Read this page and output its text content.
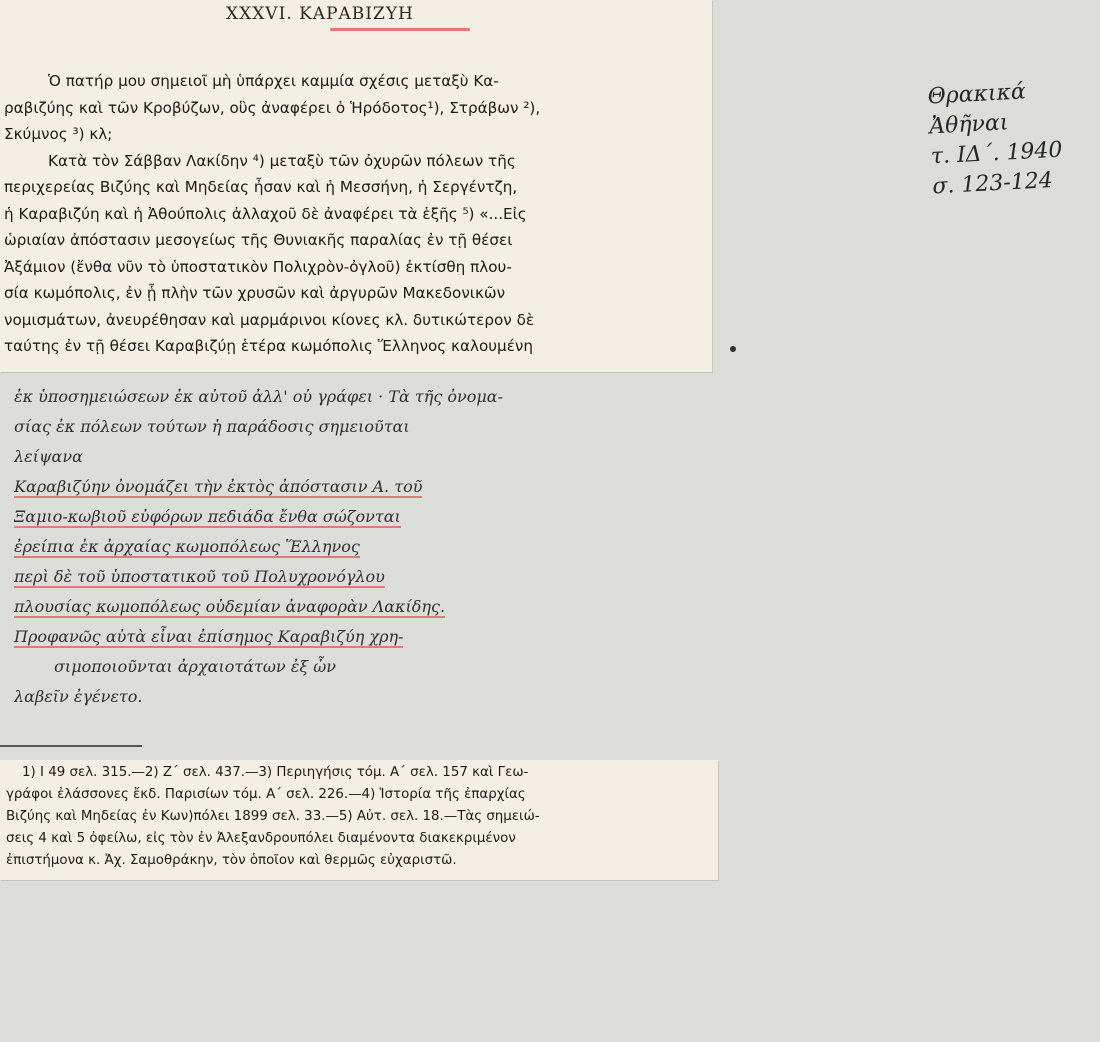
XXXVI. ΚΑΡΑΒΙΖΥΗ
Ὁ πατήρ μου σημειοῖ μὴ ὑπάρχει καμμία σχέσις μεταξὺ Κα-
ραβιζύης καὶ τῶν Κροβύζων, οὓς ἀναφέρει ὁ Ἡρόδοτος¹), Στράβων ²),
Σκύμνος ³) κλ;
Κατὰ τὸν Σάββαν Λακίδην ⁴) μεταξὺ τῶν ὀχυρῶν πόλεων τῆς
περιχερείας Βιζύης καὶ Μηδείας ἦσαν καὶ ἡ Μεσσήνη, ἡ Σεργέντζη,
ἡ Καραβιζύη καὶ ἡ Ἀθούπολις ἀλλαχοῦ δὲ ἀναφέρει τὰ ἑξῆς ⁵) «...Εἰς
ὡριαίαν ἀπόστασιν μεσογείως τῆς Θυνιακῆς παραλίας ἐν τῇ θέσει
Ἀξάμιον (ἔνθα νῦν τὸ ὑποστατικὸν Πολιχρὸν-ὀγλοῦ) ἐκτίσθη πλου-
σία κωμόπολις, ἐν ᾗ πλὴν τῶν χρυσῶν καὶ ἀργυρῶν Μακεδονικῶν
νομισμάτων, ἀνευρέθησαν καὶ μαρμάρινοι κίονες κλ. δυτικώτερον δὲ
ταύτης ἐν τῇ θέσει Καραβιζύῃ ἑτέρα κωμόπολις Ἕλληνος καλουμένη
Θρακικά
Ἀθῆναι
τ. ΙΔ΄. 1940
σ. 123-124
ἐκ ὑποσημειώσεων ἐκ αὐτοῦ ἀλλ' οὐ γράφει · Τὰ τῆς ὀνομα-
σίας ἐκ πόλεων τούτων ἡ παράδοσις σημειοῦται
λείψανα
Καραβιζύην ὀνομάζει τὴν ἐκτὸς ἀπόστασιν Α. τοῦ
Ξαμιο-κωβιοῦ εὐφόρων πεδιάδα ἔνθα σώζονται
ἐρείπια ἐκ ἀρχαίας κωμοπόλεως Ἕλληνος
περὶ δὲ τοῦ ὑποστατικοῦ τοῦ Πολυχρονόγλου
πλουσίας κωμοπόλεως οὐδεμίαν ἀναφορὰν Λακίδης.
Προφανῶς αὐτὰ εἶναι ἐπίσημος Καραβιζύη χρη-
σιμοποιοῦνται ἀρχαιοτάτων ἐξ ὧν
λαβεῖν ἐγένετο.
1) Ι 49 σελ. 315.—2) Ζ΄ σελ. 437.—3) Περιηγήσις τόμ. Α΄ σελ. 157 καὶ Γεω-
γράφοι ἐλάσσονες ἔκδ. Παρισίων τόμ. Α΄ σελ. 226.—4) Ἱστορία τῆς ἐπαρχίας
Βιζύης καὶ Μηδείας ἐν Κων)πόλει 1899 σελ. 33.—5) Αὐτ. σελ. 18.—Τὰς σημειώ-
σεις 4 καὶ 5 ὀφείλω, εἰς τὸν ἐν Ἀλεξανδρουπόλει διαμένοντα διακεκριμένον
ἐπιστήμονα κ. Ἀχ. Σαμοθράκην, τὸν ὁποῖον καὶ θερμῶς εὐχαριστῶ.
